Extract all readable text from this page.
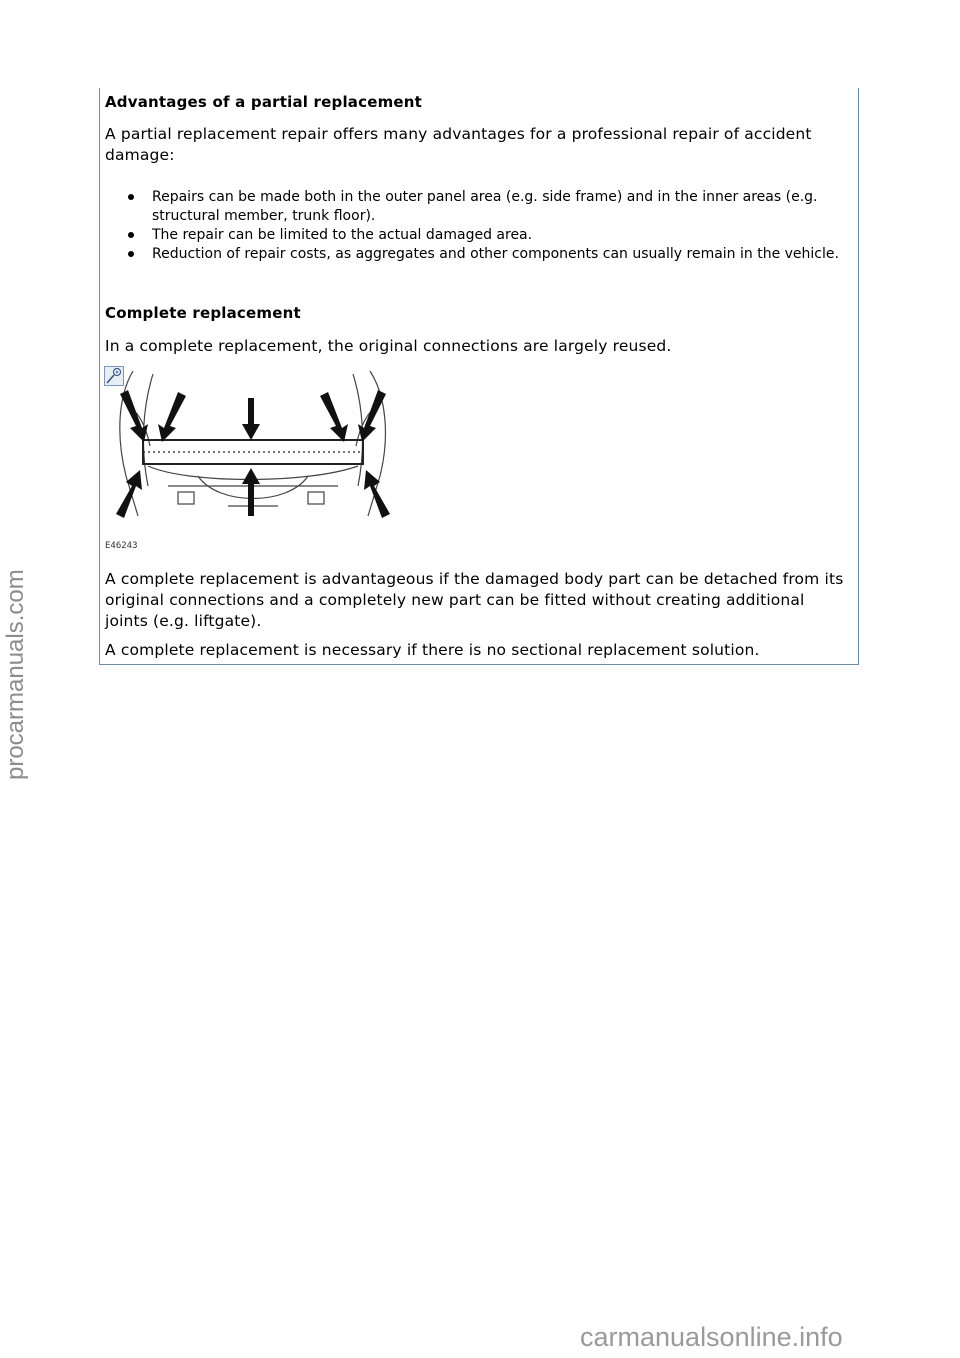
Advantages of a partial replacement
A partial replacement repair offers many advantages for a professional repair of accident damage:
Repairs can be made both in the outer panel area (e.g. side frame) and in the inner areas (e.g. structural member, trunk floor).
The repair can be limited to the actual damaged area.
Reduction of repair costs, as aggregates and other components can usually remain in the vehicle.
Complete replacement
In a complete replacement, the original connections are largely reused.
E46243
A complete replacement is advantageous if the damaged body part can be detached from its original connections and a completely new part can be fitted without creating additional joints (e.g. liftgate).
A complete replacement is necessary if there is no sectional replacement solution.
procarmanuals.com
carmanualsonline.info
